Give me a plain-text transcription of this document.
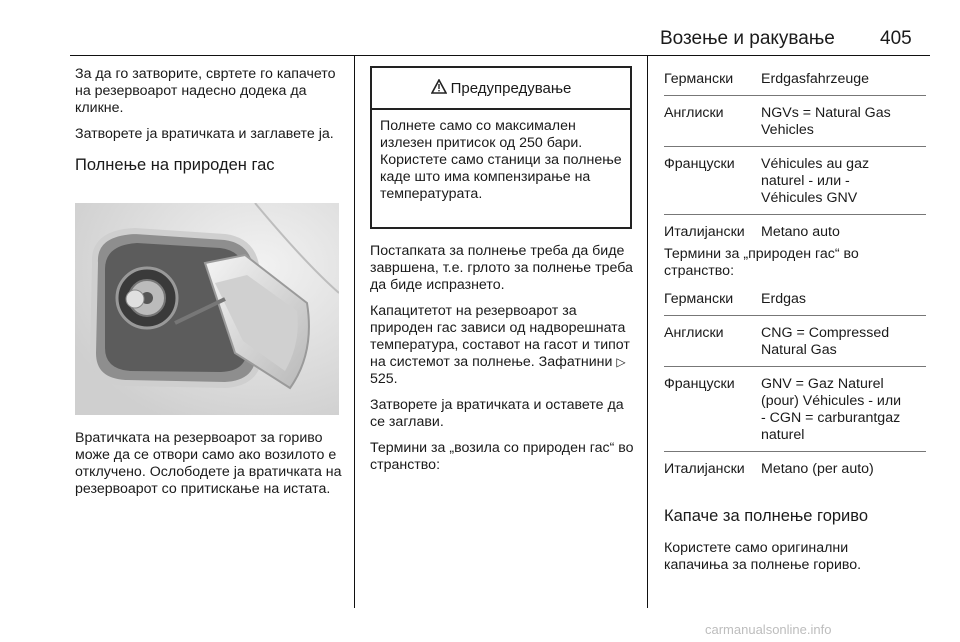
Возење и ракување 405

За да го затворите, свртете го капачето на резервоарот надесно додека да кликне.

Затворете ја вратичката и заглавете ја.

Полнење на природен гас

Вратичката на резервоарот за гориво може да се отвори само ако возилото е отклучено. Ослободете ја вратичката на резервоарот со притискање на истата.

Предупредување
Полнете само со максимален излезен притисок од 250 бари. Користете само станици за полнење каде што има компензирање на температурата.

Постапката за полнење треба да биде завршена, т.е. грлото за полнење треба да биде испразнето.

Капацитетот на резервоарот за природен гас зависи од надворешната температура, составот на гасот и типот на системот за полнење. Зафатнини ▷ 525.

Затворете ја вратичката и оставете да се заглави.

Термини за „возила со природен гас“ во странство:

Германски	Erdgasfahrzeuge
Англиски	NGVs = Natural Gas Vehicles
Француски	Véhicules au gaz naturel - или - Véhicules GNV
Италијански	Metano auto
Термини за „природен гас“ во странство:
Германски	Erdgas
Англиски	CNG = Compressed Natural Gas
Француски	GNV = Gaz Naturel (pour) Véhicules - или - CGN = carburantgaz naturel
Италијански	Metano (per auto)
Капаче за полнење гориво
Користете само оригинални капачиња за полнење гориво.
carmanualsonline.info
